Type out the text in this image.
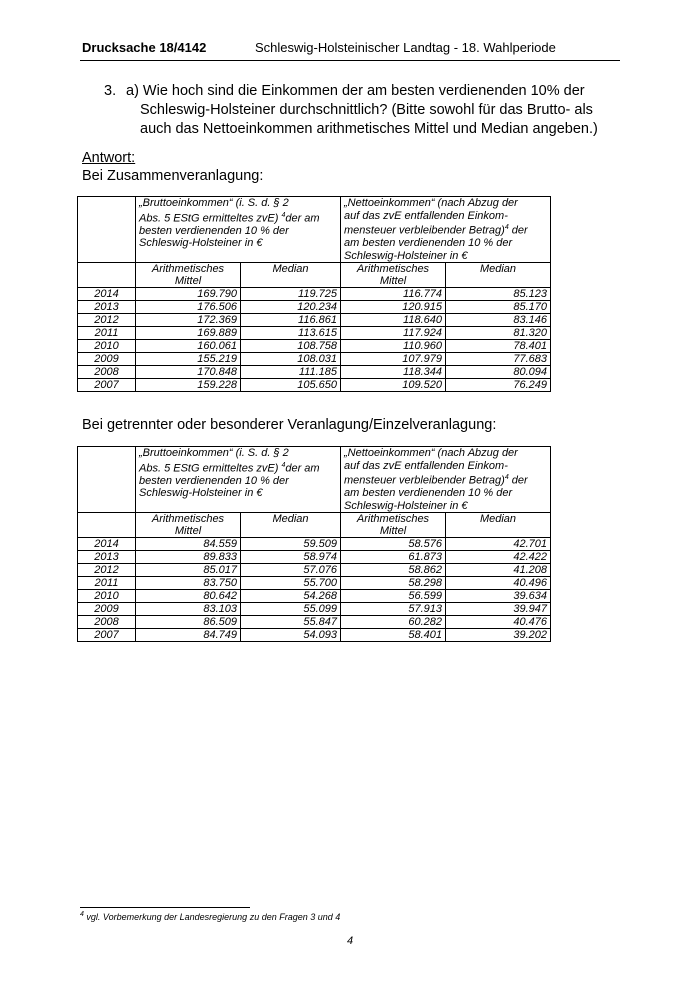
Drucksache 18/4142	Schleswig-Holsteinischer Landtag - 18. Wahlperiode
3. a) Wie hoch sind die Einkommen der am besten verdienenden 10% der
Schleswig-Holsteiner durchschnittlich? (Bitte sowohl für das Brutto- als auch das Nettoeinkommen arithmetisches Mittel und Median angeben.)
Antwort:
Bei Zusammenveranlagung:
	„Bruttoeinkommen“ (i. S. d. § 2
Abs. 5 EStG ermitteltes zvE) $^4$der am
besten verdienenden 10 % der
Schleswig-Holsteiner in €		„Nettoeinkommen“ (nach Abzug der
auf das zvE entfallenden Einkom-
mensteuer verbleibender Betrag)$^4$ der
am besten verdienenden 10 % der
Schleswig-Holsteiner in €	
	Arithmetisches
Mittel	Median	Arithmetisches
Mittel	Median
2014	169.790	119.725	116.774	85.123
2013	176.506	120.234	120.915	85.170
2012	172.369	116.861	118.640	83.146
2011	169.889	113.615	117.924	81.320
2010	160.061	108.758	110.960	78.401
2009	155.219	108.031	107.979	77.683
2008	170.848	111.185	118.344	80.094
2007	159.228	105.650	109.520	76.249
Bei getrennter oder besonderer Veranlagung/Einzelveranlagung:
	„Bruttoeinkommen“ (i. S. d. § 2
Abs. 5 EStG ermitteltes zvE) $^4$der am
besten verdienenden 10 % der
Schleswig-Holsteiner in €		„Nettoeinkommen“ (nach Abzug der
auf das zvE entfallenden Einkom-
mensteuer verbleibender Betrag)$^4$ der
am besten verdienenden 10 % der
Schleswig-Holsteiner in €	
	Arithmetisches
Mittel	Median	Arithmetisches
Mittel	Median
2014	84.559	59.509	58.576	42.701
2013	89.833	58.974	61.873	42.422
2012	85.017	57.076	58.862	41.208
2011	83.750	55.700	58.298	40.496
2010	80.642	54.268	56.599	39.634
2009	83.103	55.099	57.913	39.947
2008	86.509	55.847	60.282	40.476
2007	84.749	54.093	58.401	39.202
$^4$ vgl. Vorbemerkung der Landesregierung zu den Fragen 3 und 4
4
